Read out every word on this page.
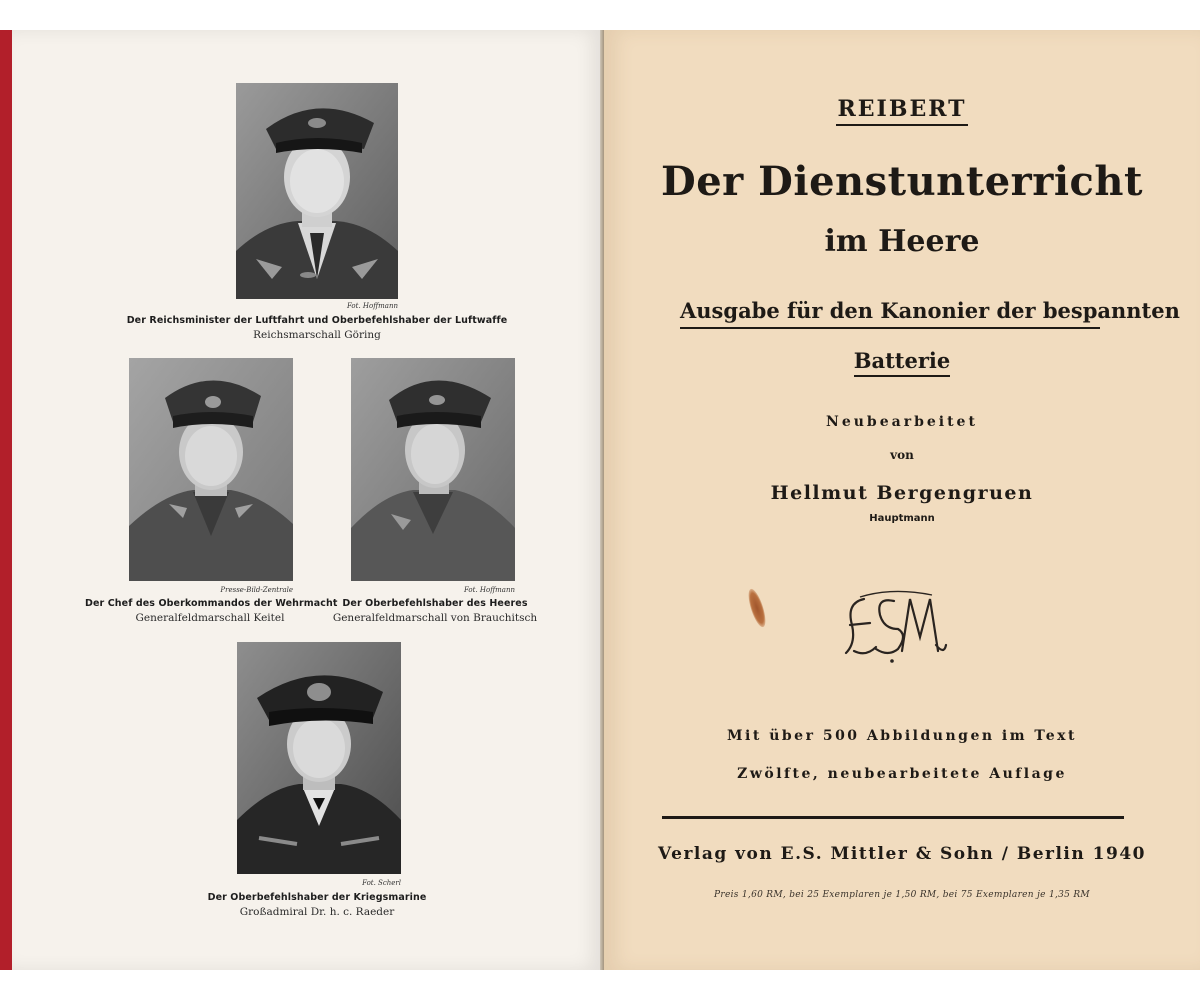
Fot. Hoffmann
Der Reichsminister der Luftfahrt und Oberbefehlshaber der Luftwaffe
Reichsmarschall Göring
Presse-Bild-Zentrale
Der Chef des Oberkommandos der Wehrmacht
Generalfeldmarschall Keitel
Fot. Hoffmann
Der Oberbefehlshaber des Heeres
Generalfeldmarschall von Brauchitsch
Fot. Scherl
Der Oberbefehlshaber der Kriegsmarine
Großadmiral Dr. h. c. Raeder
REIBERT
Der Dienstunterricht
im Heere
Ausgabe für den Kanonier der bespannten
Batterie
Neubearbeitet
von
Hellmut Bergengruen
Hauptmann
Mit über 500 Abbildungen im Text
Zwölfte, neubearbeitete Auflage
Verlag von E.S. Mittler & Sohn / Berlin 1940
Preis 1,60 RM, bei 25 Exemplaren je 1,50 RM, bei 75 Exemplaren je 1,35 RM
